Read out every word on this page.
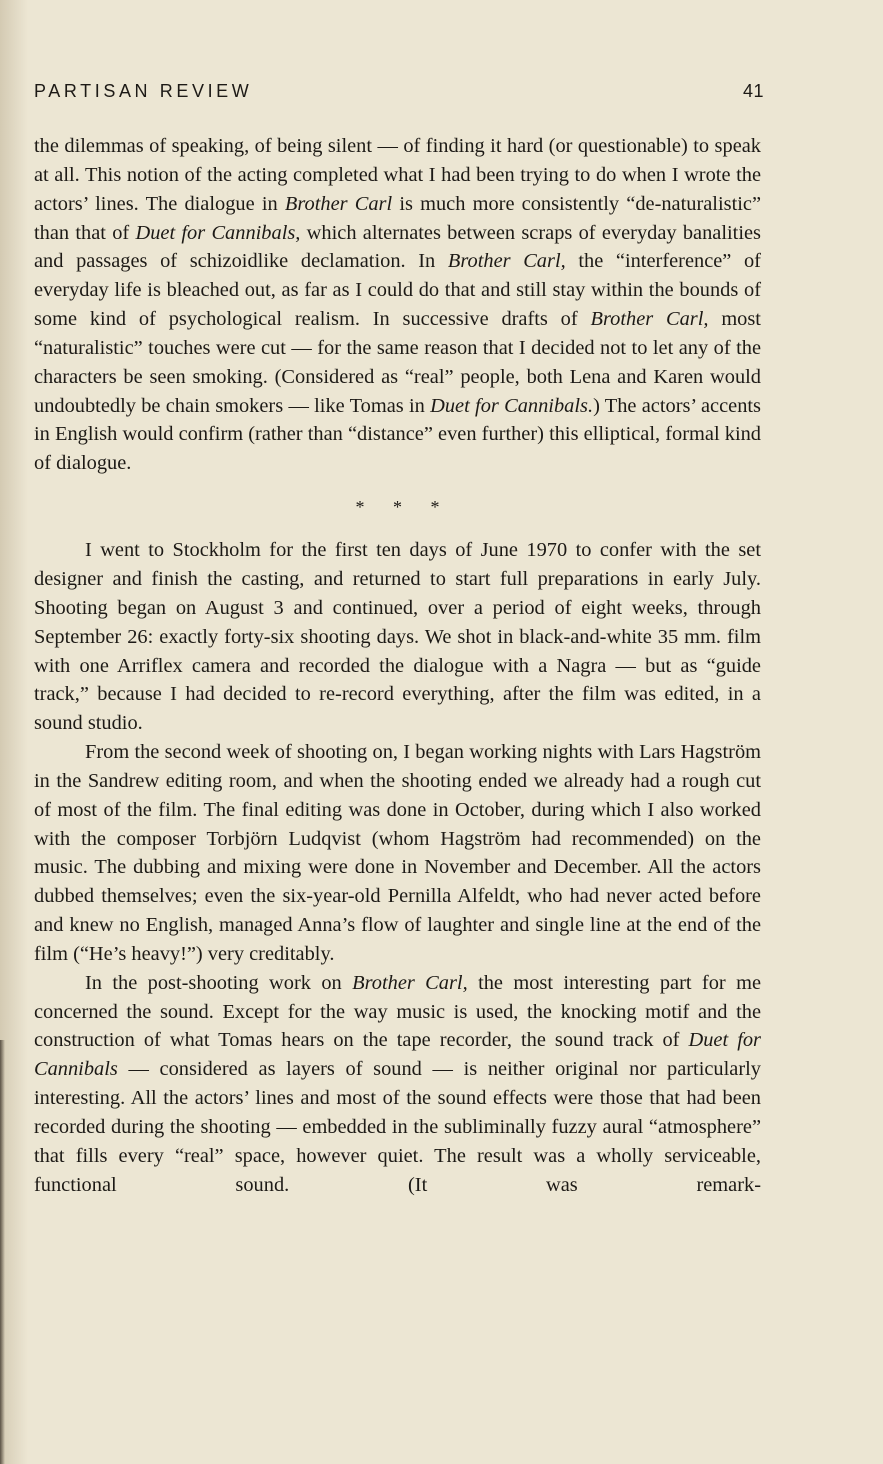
PARTISAN REVIEW	41

the dilemmas of speaking, of being silent — of finding it hard (or questionable) to speak at all. This notion of the acting completed what I had been trying to do when I wrote the actors’ lines. The dialogue in Brother Carl is much more consistently “de-naturalistic” than that of Duet for Cannibals, which alternates between scraps of everyday banalities and passages of schizoidlike declamation. In Brother Carl, the “interference” of everyday life is bleached out, as far as I could do that and still stay within the bounds of some kind of psychological realism. In successive drafts of Brother Carl, most “naturalistic” touches were cut — for the same reason that I decided not to let any of the characters be seen smoking. (Considered as “real” people, both Lena and Karen would undoubtedly be chain smokers — like Tomas in Duet for Cannibals.) The actors’ accents in English would confirm (rather than “distance” even further) this elliptical, formal kind of dialogue.

* * *

I went to Stockholm for the first ten days of June 1970 to confer with the set designer and finish the casting, and returned to start full preparations in early July. Shooting began on August 3 and continued, over a period of eight weeks, through September 26: exactly forty-six shooting days. We shot in black-and-white 35 mm. film with one Arriflex camera and recorded the dialogue with a Nagra — but as “guide track,” because I had decided to re-record everything, after the film was edited, in a sound studio.

From the second week of shooting on, I began working nights with Lars Hagström in the Sandrew editing room, and when the shooting ended we already had a rough cut of most of the film. The final editing was done in October, during which I also worked with the composer Torbjörn Ludqvist (whom Hagström had recommended) on the music. The dubbing and mixing were done in November and December. All the actors dubbed themselves; even the six-year-old Pernilla Alfeldt, who had never acted before and knew no English, managed Anna’s flow of laughter and single line at the end of the film (“He’s heavy!”) very creditably.

In the post-shooting work on Brother Carl, the most interesting part for me concerned the sound. Except for the way music is used, the knocking motif and the construction of what Tomas hears on the tape recorder, the sound track of Duet for Cannibals — considered as layers of sound — is neither original nor particularly interesting. All the actors’ lines and most of the sound effects were those that had been recorded during the shooting — embedded in the subliminally fuzzy aural “atmosphere” that fills every “real” space, however quiet. The result was a wholly serviceable, functional sound. (It was remark-
